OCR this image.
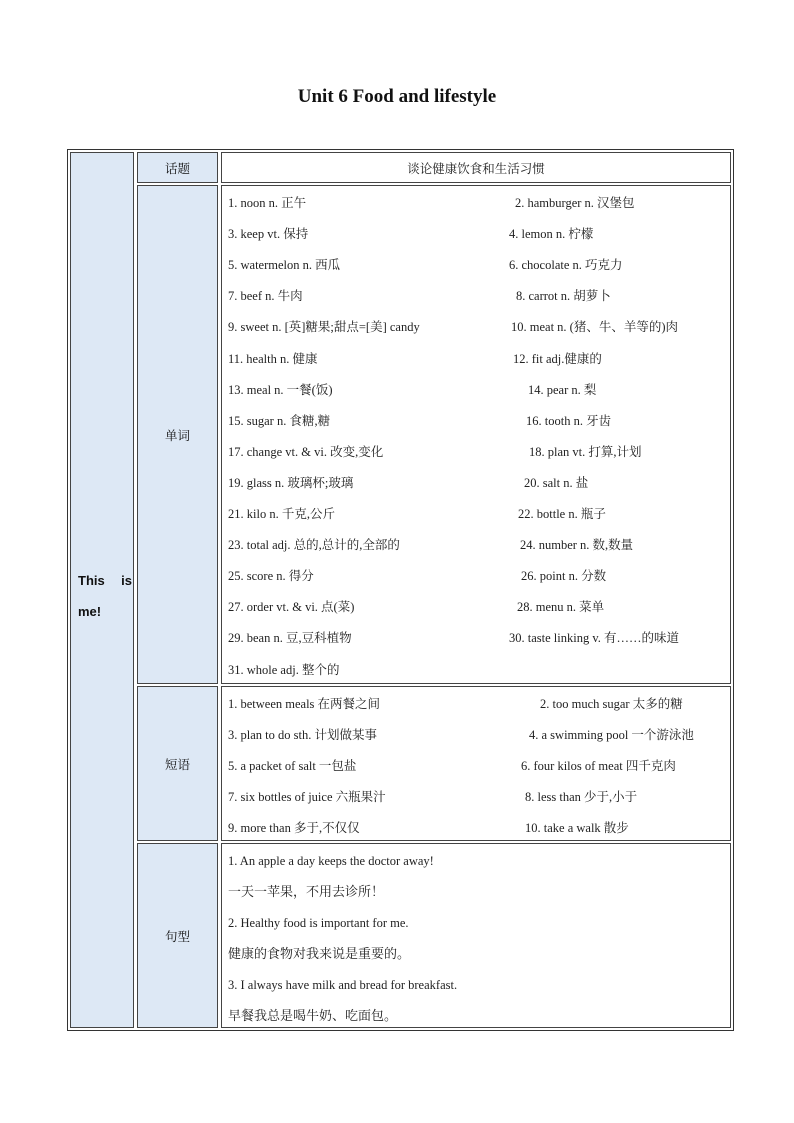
Unit 6 Food and lifestyle
This is
me!
话题	谈论健康饮食和生活习惯
单词
1. noon n. 正午	2. hamburger n. 汉堡包
3. keep vt. 保持	4. lemon n. 柠檬
5. watermelon n. 西瓜	6. chocolate n. 巧克力
7. beef n. 牛肉	8. carrot n. 胡萝卜
9. sweet n. [英]糖果;甜点=[美] candy	10. meat n. (猪、牛、羊等的)肉
11. health n. 健康	12. fit adj.健康的
13. meal n. 一餐(饭)	14. pear n. 梨
15. sugar n. 食糖,糖	16. tooth n. 牙齿
17. change vt. & vi. 改变,变化	18. plan vt. 打算,计划
19. glass n. 玻璃杯;玻璃	20. salt n. 盐
21. kilo n. 千克,公斤	22. bottle n. 瓶子
23. total adj. 总的,总计的,全部的	24. number n. 数,数量
25. score n. 得分	26. point n. 分数
27. order vt. & vi. 点(菜)	28. menu n. 菜单
29. bean n. 豆,豆科植物	30. taste linking v. 有……的味道
31. whole adj. 整个的
短语
1. between meals 在两餐之间	2. too much sugar 太多的糖
3. plan to do sth. 计划做某事	4. a swimming pool 一个游泳池
5. a packet of salt 一包盐	6. four kilos of meat 四千克肉
7. six bottles of juice 六瓶果汁	8. less than 少于,小于
9. more than 多于,不仅仅	10. take a walk 散步
句型
1. An apple a day keeps the doctor away!
一天一苹果，不用去诊所！
2. Healthy food is important for me.
健康的食物对我来说是重要的。
3. I always have milk and bread for breakfast.
早餐我总是喝牛奶、吃面包。
